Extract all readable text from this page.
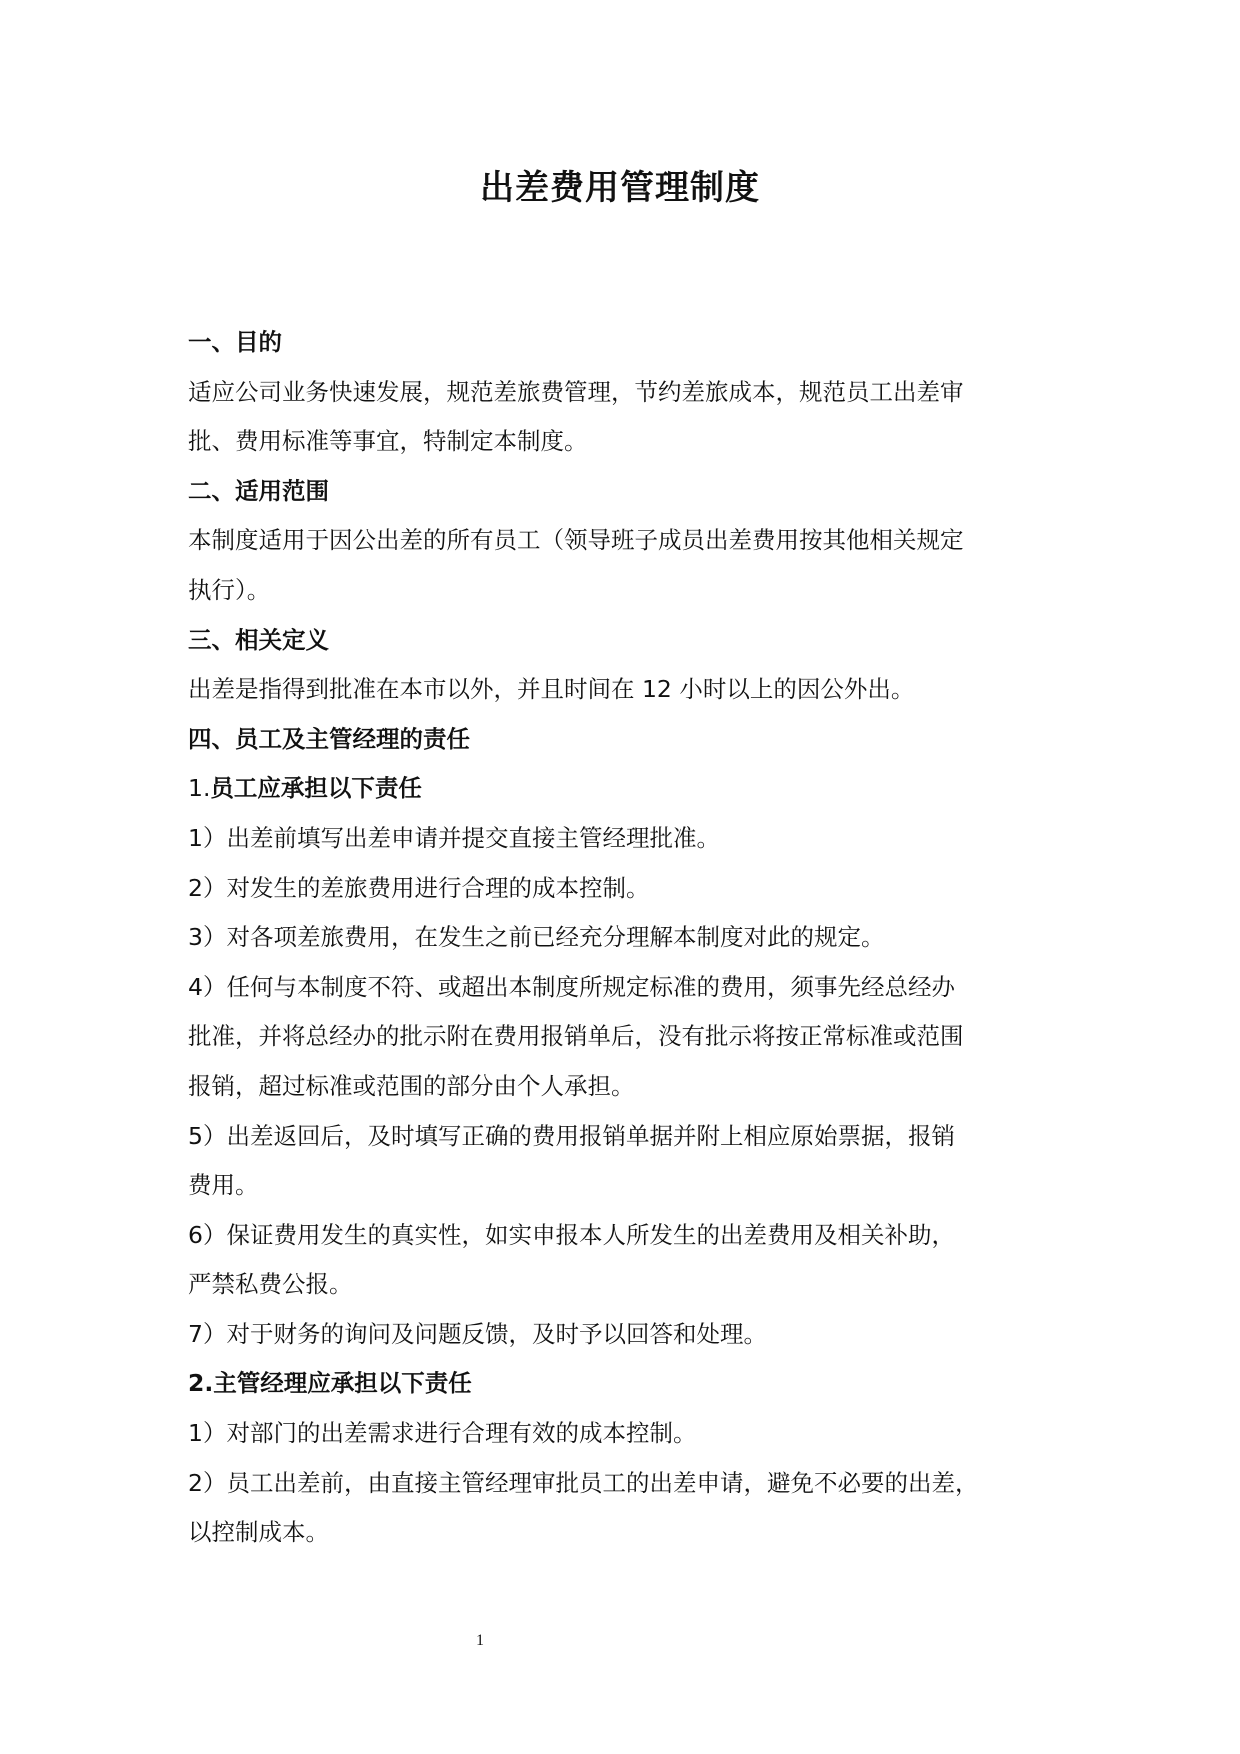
出差费用管理制度
一、目的
适应公司业务快速发展，规范差旅费管理，节约差旅成本，规范员工出差审
批、费用标准等事宜，特制定本制度。
二、适用范围
本制度适用于因公出差的所有员工（领导班子成员出差费用按其他相关规定
执行）。
三、相关定义
出差是指得到批准在本市以外，并且时间在 12 小时以上的因公外出。
四、员工及主管经理的责任
1.员工应承担以下责任
1）出差前填写出差申请并提交直接主管经理批准。
2）对发生的差旅费用进行合理的成本控制。
3）对各项差旅费用，在发生之前已经充分理解本制度对此的规定。
4）任何与本制度不符、或超出本制度所规定标准的费用，须事先经总经办
批准，并将总经办的批示附在费用报销单后，没有批示将按正常标准或范围
报销，超过标准或范围的部分由个人承担。
5）出差返回后，及时填写正确的费用报销单据并附上相应原始票据，报销
费用。
6）保证费用发生的真实性，如实申报本人所发生的出差费用及相关补助，
严禁私费公报。
7）对于财务的询问及问题反馈，及时予以回答和处理。
2.主管经理应承担以下责任
1）对部门的出差需求进行合理有效的成本控制。
2）员工出差前，由直接主管经理审批员工的出差申请，避免不必要的出差，
以控制成本。
1
